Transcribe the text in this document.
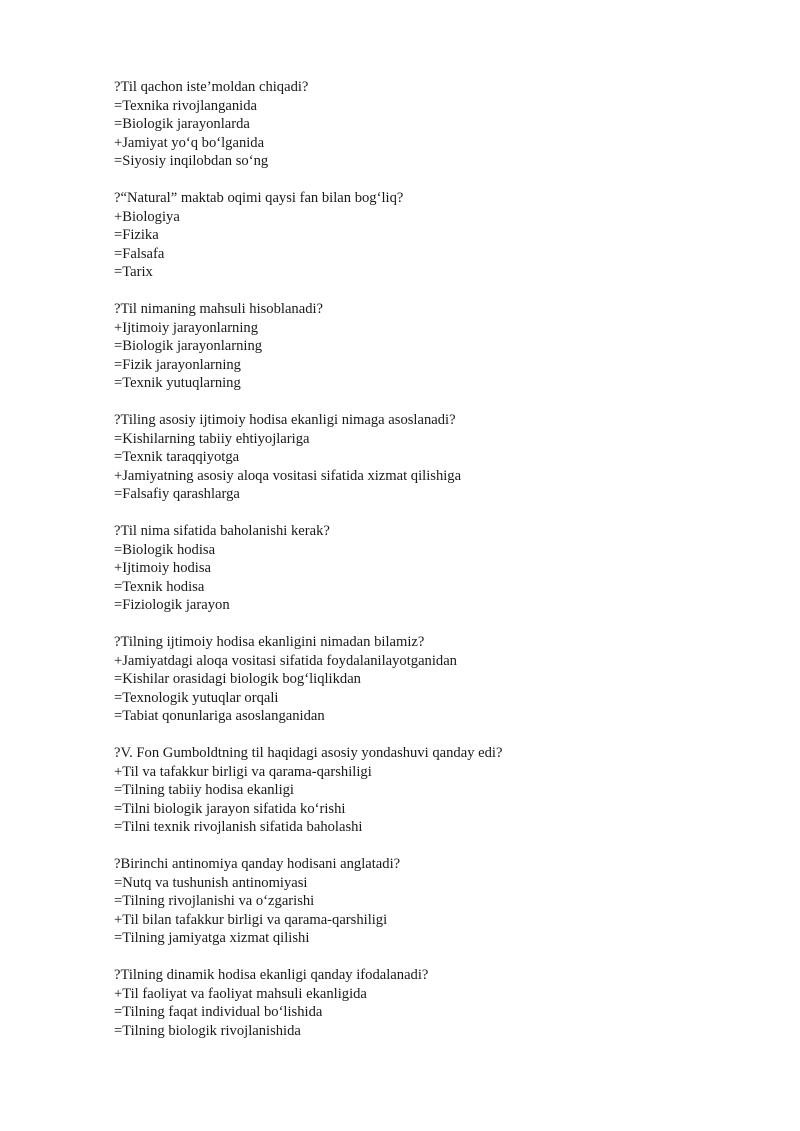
?Til qachon iste’moldan chiqadi?
=Texnika rivojlanganida
=Biologik jarayonlarda
+Jamiyat yo‘q bo‘lganida
=Siyosiy inqilobdan so‘ng
?“Natural” maktab oqimi qaysi fan bilan bog‘liq?
+Biologiya
=Fizika
=Falsafa
=Tarix
?Til nimaning mahsuli hisoblanadi?
+Ijtimoiy jarayonlarning
=Biologik jarayonlarning
=Fizik jarayonlarning
=Texnik yutuqlarning
?Tiling asosiy ijtimoiy hodisa ekanligi nimaga asoslanadi?
=Kishilarning tabiiy ehtiyojlariga
=Texnik taraqqiyotga
+Jamiyatning asosiy aloqa vositasi sifatida xizmat qilishiga
=Falsafiy qarashlarga
?Til nima sifatida baholanishi kerak?
=Biologik hodisa
+Ijtimoiy hodisa
=Texnik hodisa
=Fiziologik jarayon
?Tilning ijtimoiy hodisa ekanligini nimadan bilamiz?
+Jamiyatdagi aloqa vositasi sifatida foydalanilayotganidan
=Kishilar orasidagi biologik bog‘liqlikdan
=Texnologik yutuqlar orqali
=Tabiat qonunlariga asoslanganidan
?V. Fon Gumboldtning til haqidagi asosiy yondashuvi qanday edi?
+Til va tafakkur birligi va qarama-qarshiligi
=Tilning tabiiy hodisa ekanligi
=Tilni biologik jarayon sifatida ko‘rishi
=Tilni texnik rivojlanish sifatida baholashi
?Birinchi antinomiya qanday hodisani anglatadi?
=Nutq va tushunish antinomiyasi
=Tilning rivojlanishi va o‘zgarishi
+Til bilan tafakkur birligi va qarama-qarshiligi
=Tilning jamiyatga xizmat qilishi
?Tilning dinamik hodisa ekanligi qanday ifodalanadi?
+Til faoliyat va faoliyat mahsuli ekanligida
=Tilning faqat individual bo‘lishida
=Tilning biologik rivojlanishida
